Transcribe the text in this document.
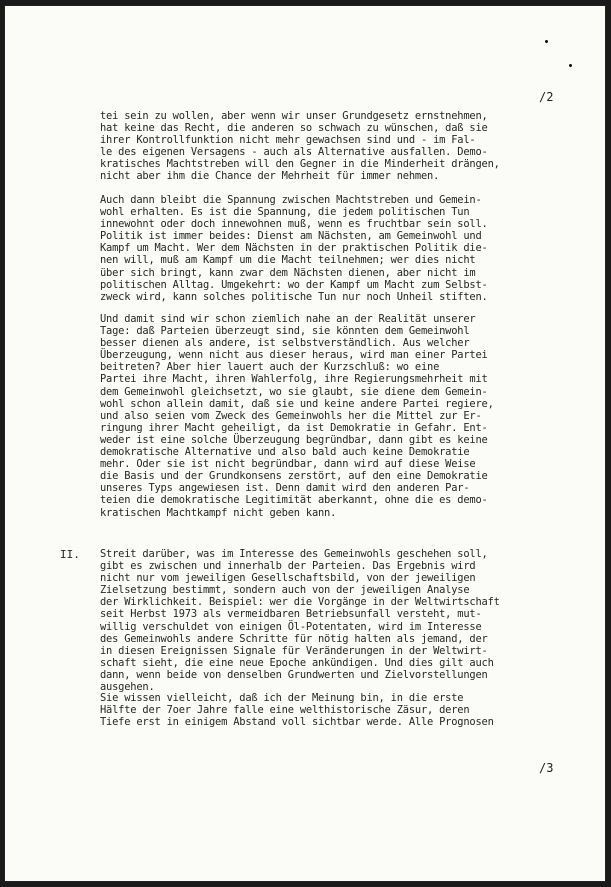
/2

tei sein zu wollen, aber wenn wir unser Grundgesetz ernstnehmen,
hat keine das Recht, die anderen so schwach zu wünschen, daß sie
ihrer Kontrollfunktion nicht mehr gewachsen sind und - im Fal-
le des eigenen Versagens - auch als Alternative ausfallen. Demo-
kratisches Machtstreben will den Gegner in die Minderheit drängen,
nicht aber ihm die Chance der Mehrheit für immer nehmen.

Auch dann bleibt die Spannung zwischen Machtstreben und Gemein-
wohl erhalten. Es ist die Spannung, die jedem politischen Tun
innewohnt oder doch innewohnen muß, wenn es fruchtbar sein soll.
Politik ist immer beides: Dienst am Nächsten, am Gemeinwohl und
Kampf um Macht. Wer dem Nächsten in der praktischen Politik die-
nen will, muß am Kampf um die Macht teilnehmen; wer dies nicht
über sich bringt, kann zwar dem Nächsten dienen, aber nicht im
politischen Alltag. Umgekehrt: wo der Kampf um Macht zum Selbst-
zweck wird, kann solches politische Tun nur noch Unheil stiften.

Und damit sind wir schon ziemlich nahe an der Realität unserer
Tage: daß Parteien überzeugt sind, sie könnten dem Gemeinwohl
besser dienen als andere, ist selbstverständlich. Aus welcher
Überzeugung, wenn nicht aus dieser heraus, wird man einer Partei
beitreten? Aber hier lauert auch der Kurzschluß: wo eine
Partei ihre Macht, ihren Wahlerfolg, ihre Regierungsmehrheit mit
dem Gemeinwohl gleichsetzt, wo sie glaubt, sie diene dem Gemein-
wohl schon allein damit, daß sie und keine andere Partei regiere,
und also seien vom Zweck des Gemeinwohls her die Mittel zur Er-
ringung ihrer Macht geheiligt, da ist Demokratie in Gefahr. Ent-
weder ist eine solche Überzeugung begründbar, dann gibt es keine
demokratische Alternative und also bald auch keine Demokratie
mehr. Oder sie ist nicht begründbar, dann wird auf diese Weise
die Basis und der Grundkonsens zerstört, auf den eine Demokratie
unseres Typs angewiesen ist. Denn damit wird den anderen Par-
teien die demokratische Legitimität aberkannt, ohne die es demo-
kratischen Machtkampf nicht geben kann.

II. Streit darüber, was im Interesse des Gemeinwohls geschehen soll,
gibt es zwischen und innerhalb der Parteien. Das Ergebnis wird
nicht nur vom jeweiligen Gesellschaftsbild, von der jeweiligen
Zielsetzung bestimmt, sondern auch von der jeweiligen Analyse
der Wirklichkeit. Beispiel: wer die Vorgänge in der Weltwirtschaft
seit Herbst 1973 als vermeidbaren Betriebsunfall versteht, mut-
willig verschuldet von einigen Öl-Potentaten, wird im Interesse
des Gemeinwohls andere Schritte für nötig halten als jemand, der
in diesen Ereignissen Signale für Veränderungen in der Weltwirt-
schaft sieht, die eine neue Epoche ankündigen. Und dies gilt auch
dann, wenn beide von denselben Grundwerten und Zielvorstellungen
ausgehen.

Sie wissen vielleicht, daß ich der Meinung bin, in die erste
Hälfte der 7oer Jahre falle eine welthistorische Zäsur, deren
Tiefe erst in einigem Abstand voll sichtbar werde. Alle Prognosen

/3
